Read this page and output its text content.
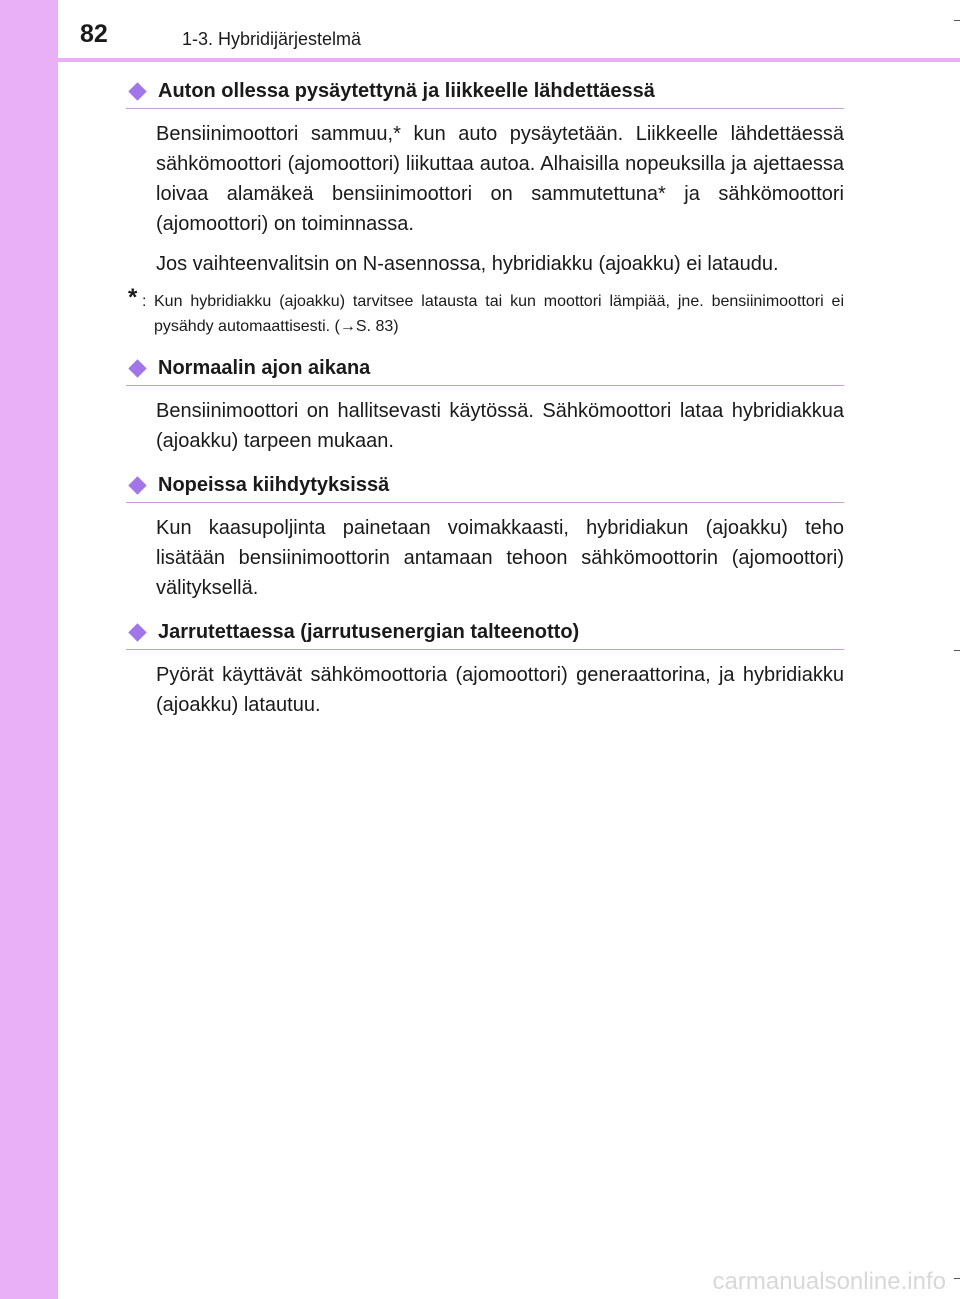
82	1-3. Hybridijärjestelmä
Auton ollessa pysäytettynä ja liikkeelle lähdettäessä

Bensiinimoottori sammuu,* kun auto pysäytetään. Liikkeelle lähdettäessä sähkömoottori (ajomoottori) liikuttaa autoa. Alhaisilla nopeuksilla ja ajettaessa loivaa alamäkeä bensiinimoottori on sammutettuna* ja sähkömoottori (ajomoottori) on toiminnassa.

Jos vaihteenvalitsin on N-asennossa, hybridiakku (ajoakku) ei lataudu.

* : Kun hybridiakku (ajoakku) tarvitsee latausta tai kun moottori lämpiää, jne. bensiinimoottori ei pysähdy automaattisesti. (→S. 83)
Normaalin ajon aikana

Bensiinimoottori on hallitsevasti käytössä. Sähkömoottori lataa hybridiakkua (ajoakku) tarpeen mukaan.

Nopeissa kiihdytyksissä

Kun kaasupoljinta painetaan voimakkaasti, hybridiakun (ajoakku) teho lisätään bensiinimoottorin antamaan tehoon sähkömoottorin (ajomoottori) välityksellä.

Jarrutettaessa (jarrutusenergian talteenotto)

Pyörät käyttävät sähkömoottoria (ajomoottori) generaattorina, ja hybridiakku (ajoakku) latautuu.

carmanualsonline.info
